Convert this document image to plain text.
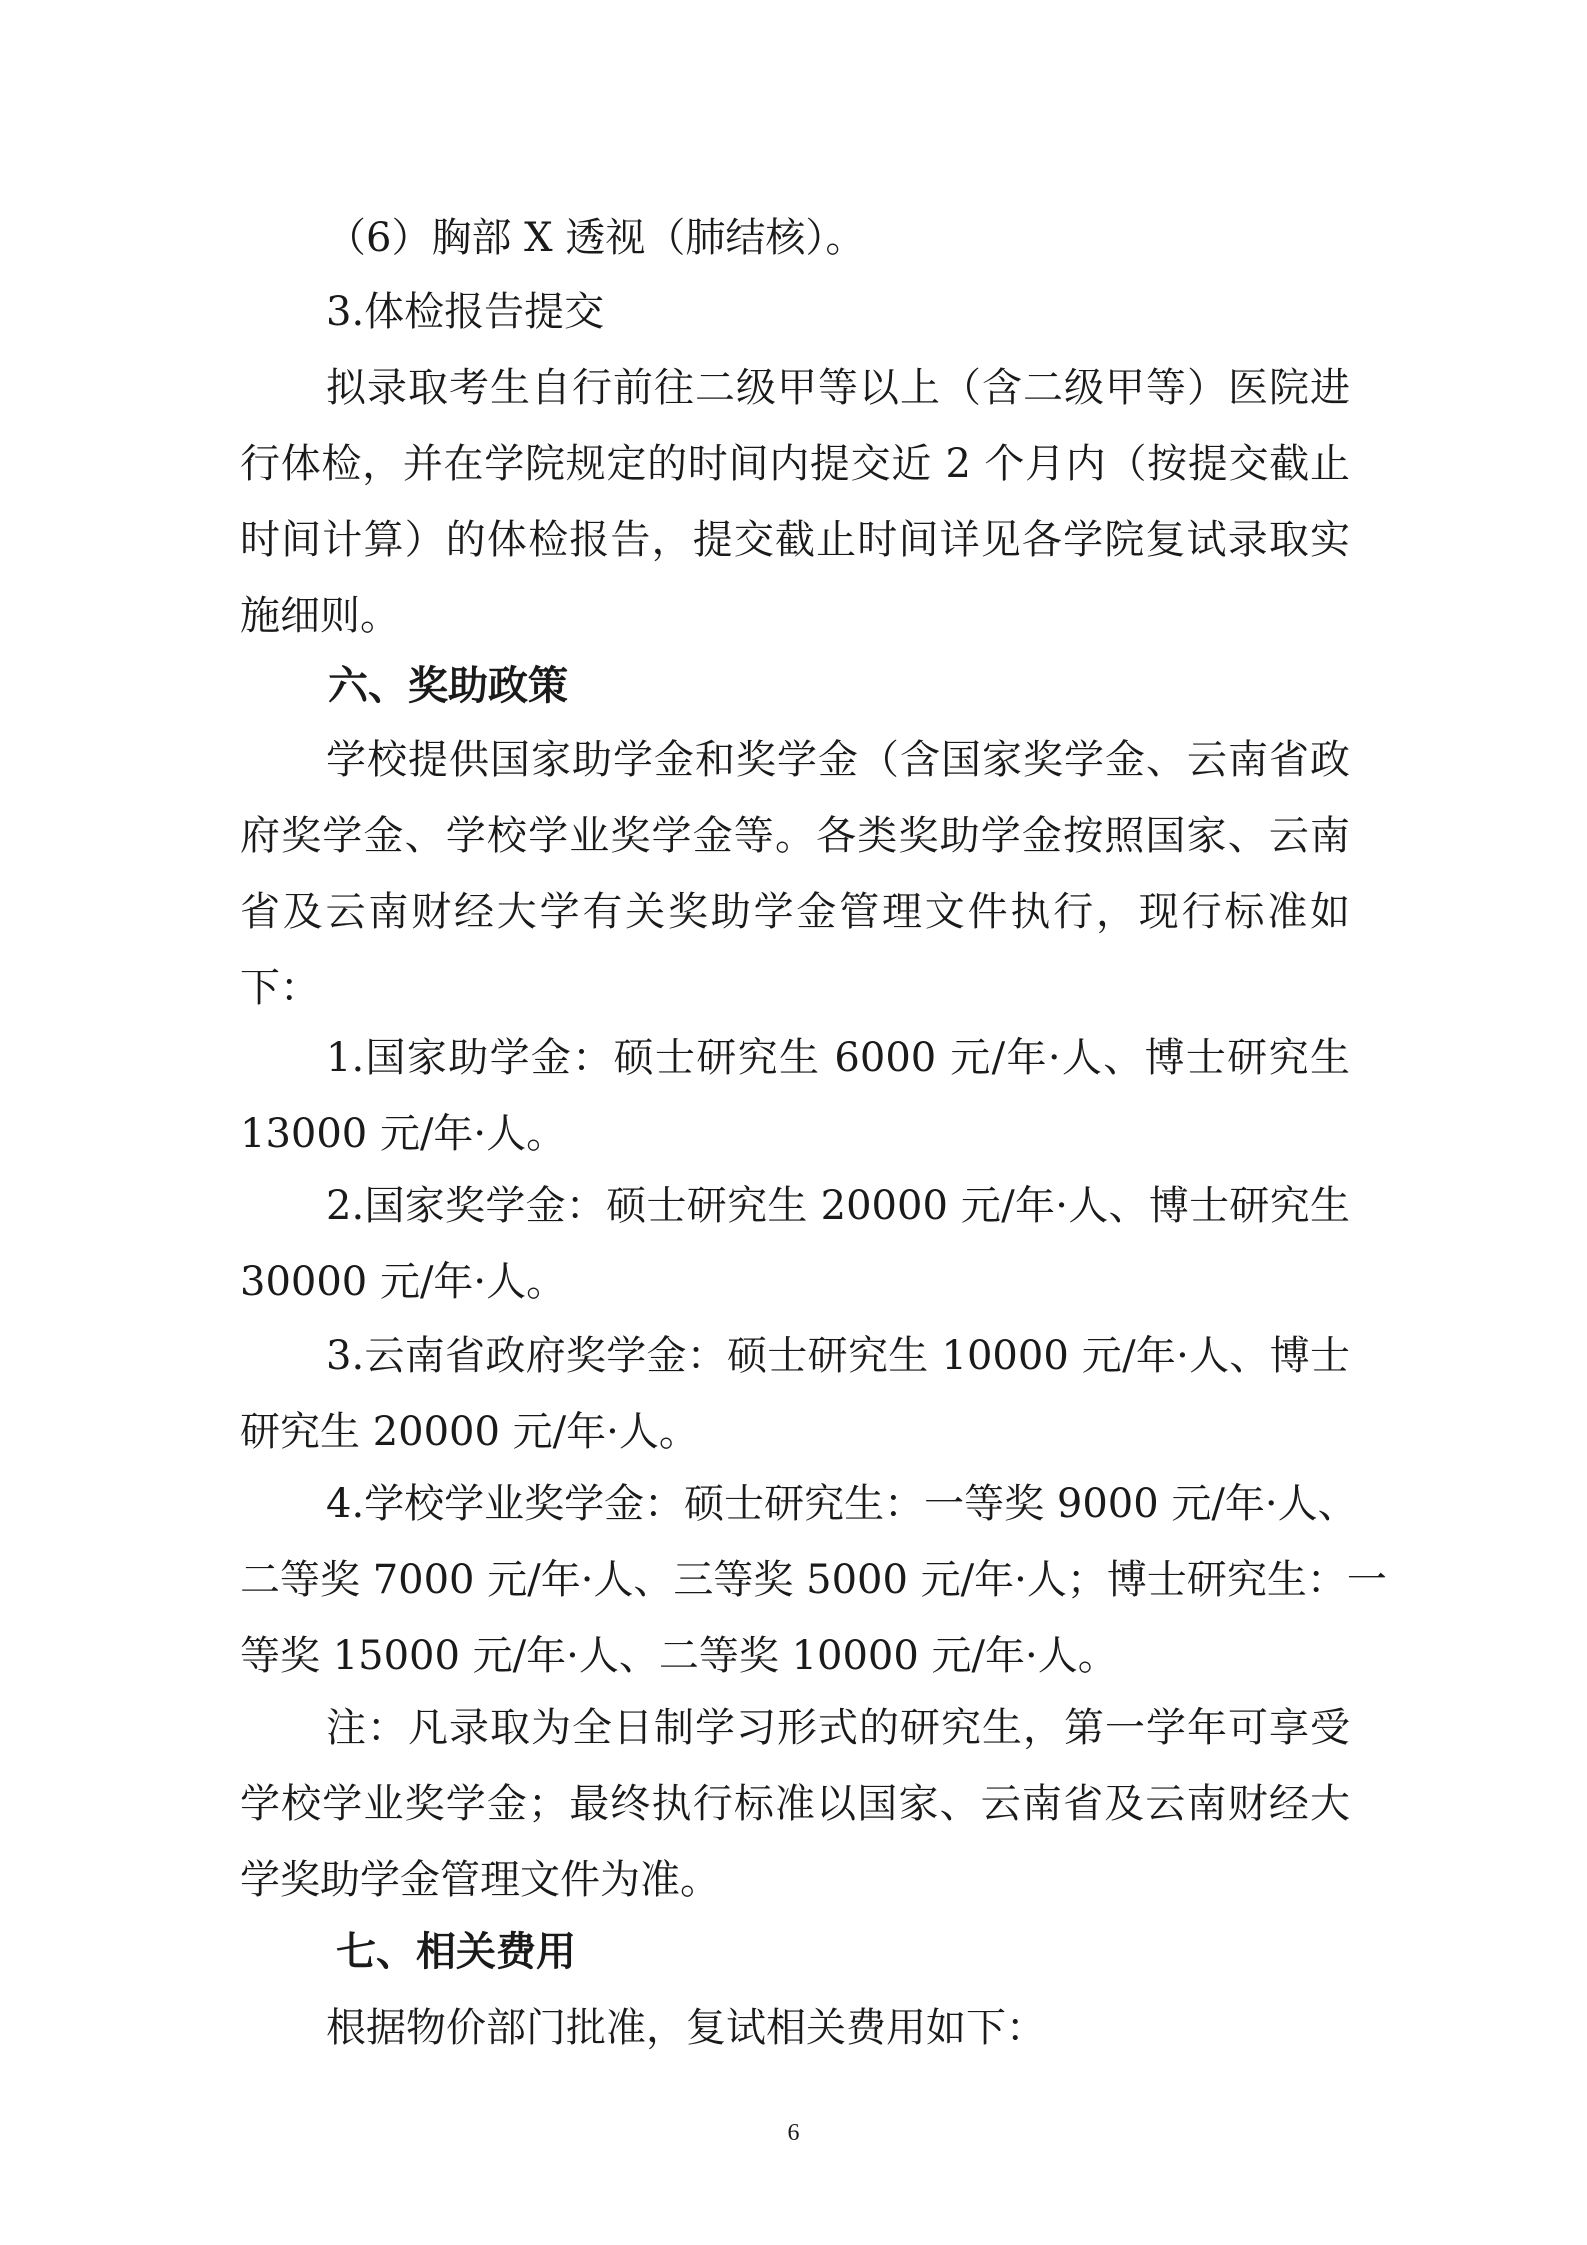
（6）胸部 X 透视（肺结核）。
3.体检报告提交
拟录取考生自行前往二级甲等以上（含二级甲等）医院进
行体检，并在学院规定的时间内提交近 2 个月内（按提交截止
时间计算）的体检报告，提交截止时间详见各学院复试录取实
施细则。
六、奖助政策
学校提供国家助学金和奖学金（含国家奖学金、云南省政
府奖学金、学校学业奖学金等。各类奖助学金按照国家、云南
省及云南财经大学有关奖助学金管理文件执行，现行标准如
下：
1.国家助学金：硕士研究生 6000 元/年·人、博士研究生
13000 元/年·人。
2.国家奖学金：硕士研究生 20000 元/年·人、博士研究生
30000 元/年·人。
3.云南省政府奖学金：硕士研究生 10000 元/年·人、博士
研究生 20000 元/年·人。
4.学校学业奖学金：硕士研究生：一等奖 9000 元/年·人、
二等奖 7000 元/年·人、三等奖 5000 元/年·人；博士研究生：一
等奖 15000 元/年·人、二等奖 10000 元/年·人。
注：凡录取为全日制学习形式的研究生，第一学年可享受
学校学业奖学金；最终执行标准以国家、云南省及云南财经大
学奖助学金管理文件为准。
七、相关费用
根据物价部门批准，复试相关费用如下：
6
